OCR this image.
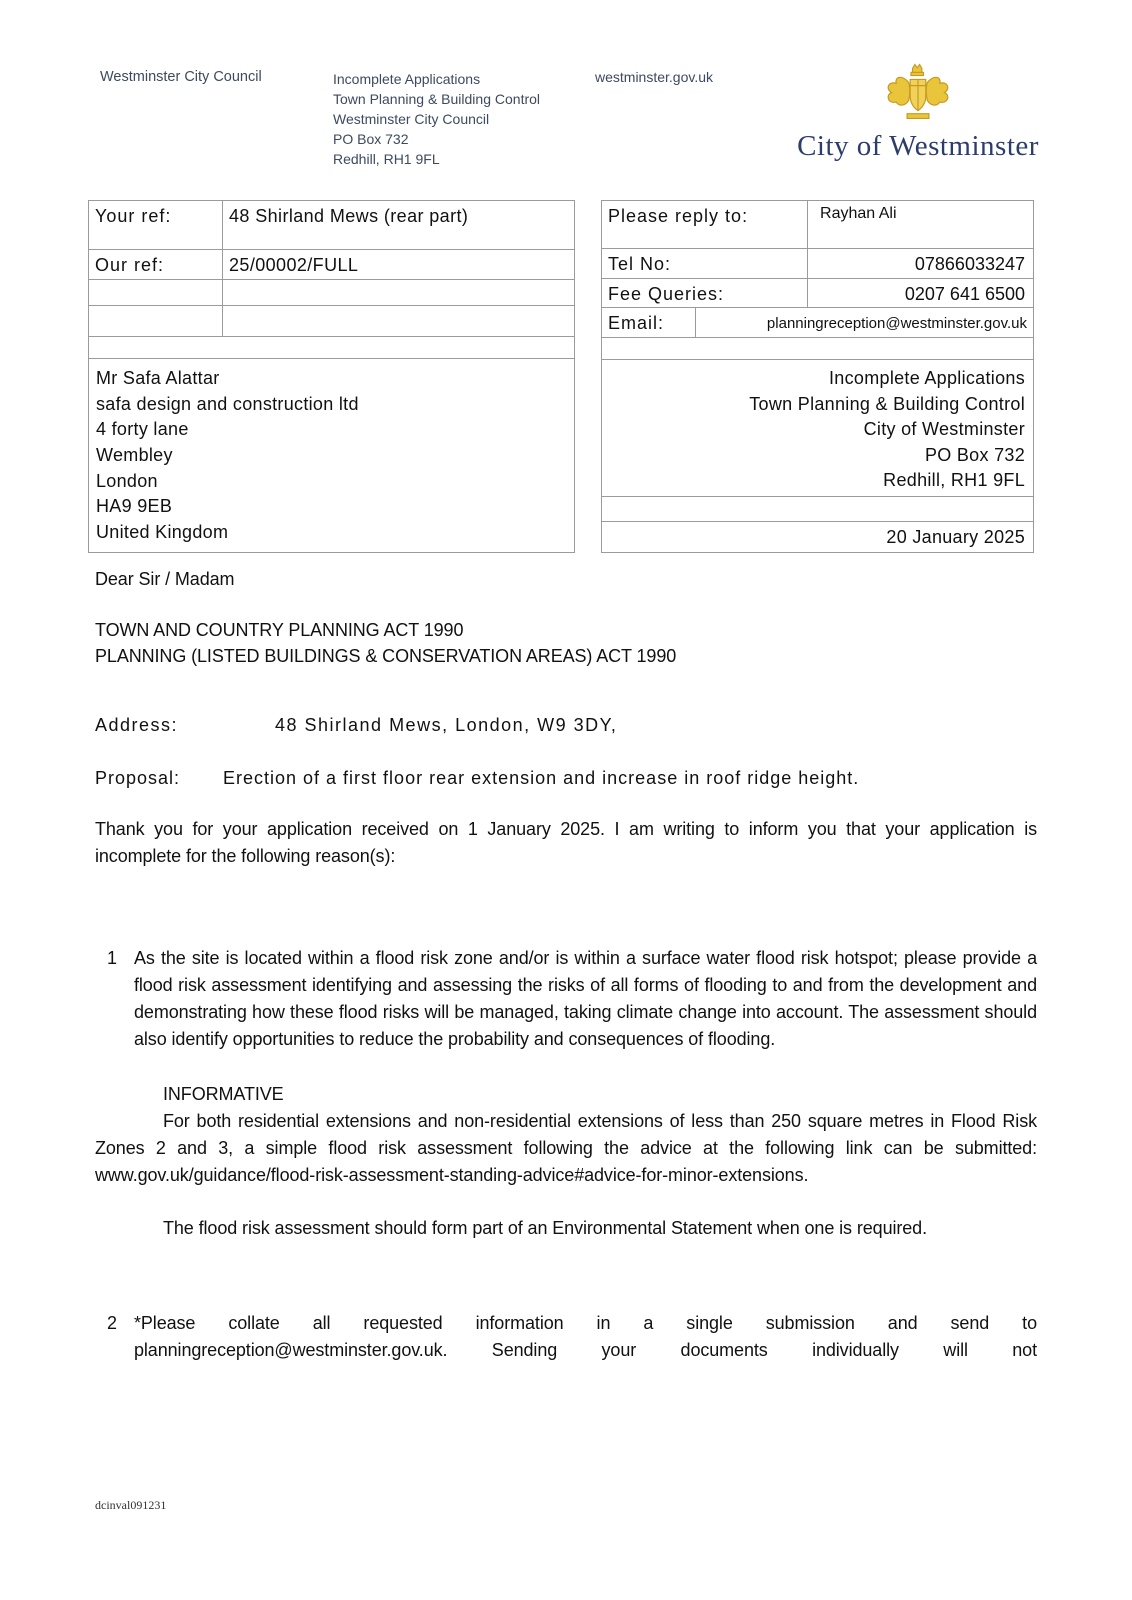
Westminster City Council	Incomplete Applications
Town Planning & Building Control
Westminster City Council
PO Box 732
Redhill, RH1 9FL
westminster.gov.uk
City of Westminster
Your ref:	48 Shirland Mews (rear part)
Our ref:	25/00002/FULL

Mr Safa Alattar
safa design and construction ltd
4 forty lane
Wembley
London
HA9 9EB
United Kingdom
Please reply to:		Rayhan Ali
Tel No:		07866033247
Fee Queries:		0207 641 6500
Email:	planningreception@westminster.gov.uk	

Incomplete Applications
Town Planning & Building Control
City of Westminster
PO Box 732
Redhill, RH1 9FL		

20 January 2025		
Dear Sir / Madam
TOWN AND COUNTRY PLANNING ACT 1990
PLANNING (LISTED BUILDINGS & CONSERVATION AREAS) ACT 1990
Address:	48 Shirland Mews, London, W9 3DY,
Proposal:	Erection of a first floor rear extension and increase in roof ridge height.
Thank you for your application received on 1 January 2025. I am writing to inform you that your application is incomplete for the following reason(s):
1 As the site is located within a flood risk zone and/or is within a surface water flood risk hotspot; please provide a flood risk assessment identifying and assessing the risks of all forms of flooding to and from the development and demonstrating how these flood risks will be managed, taking climate change into account. The assessment should also identify opportunities to reduce the probability and consequences of flooding.
INFORMATIVE
For both residential extensions and non-residential extensions of less than 250 square metres in Flood Risk Zones 2 and 3, a simple flood risk assessment following the advice at the following link can be submitted: www.gov.uk/guidance/flood-risk-assessment-standing-advice#advice-for-minor-extensions.
The flood risk assessment should form part of an Environmental Statement when one is required.
2 *Please collate all requested information in a single submission and send to planningreception@westminster.gov.uk. Sending your documents individually will not
dcinval091231
